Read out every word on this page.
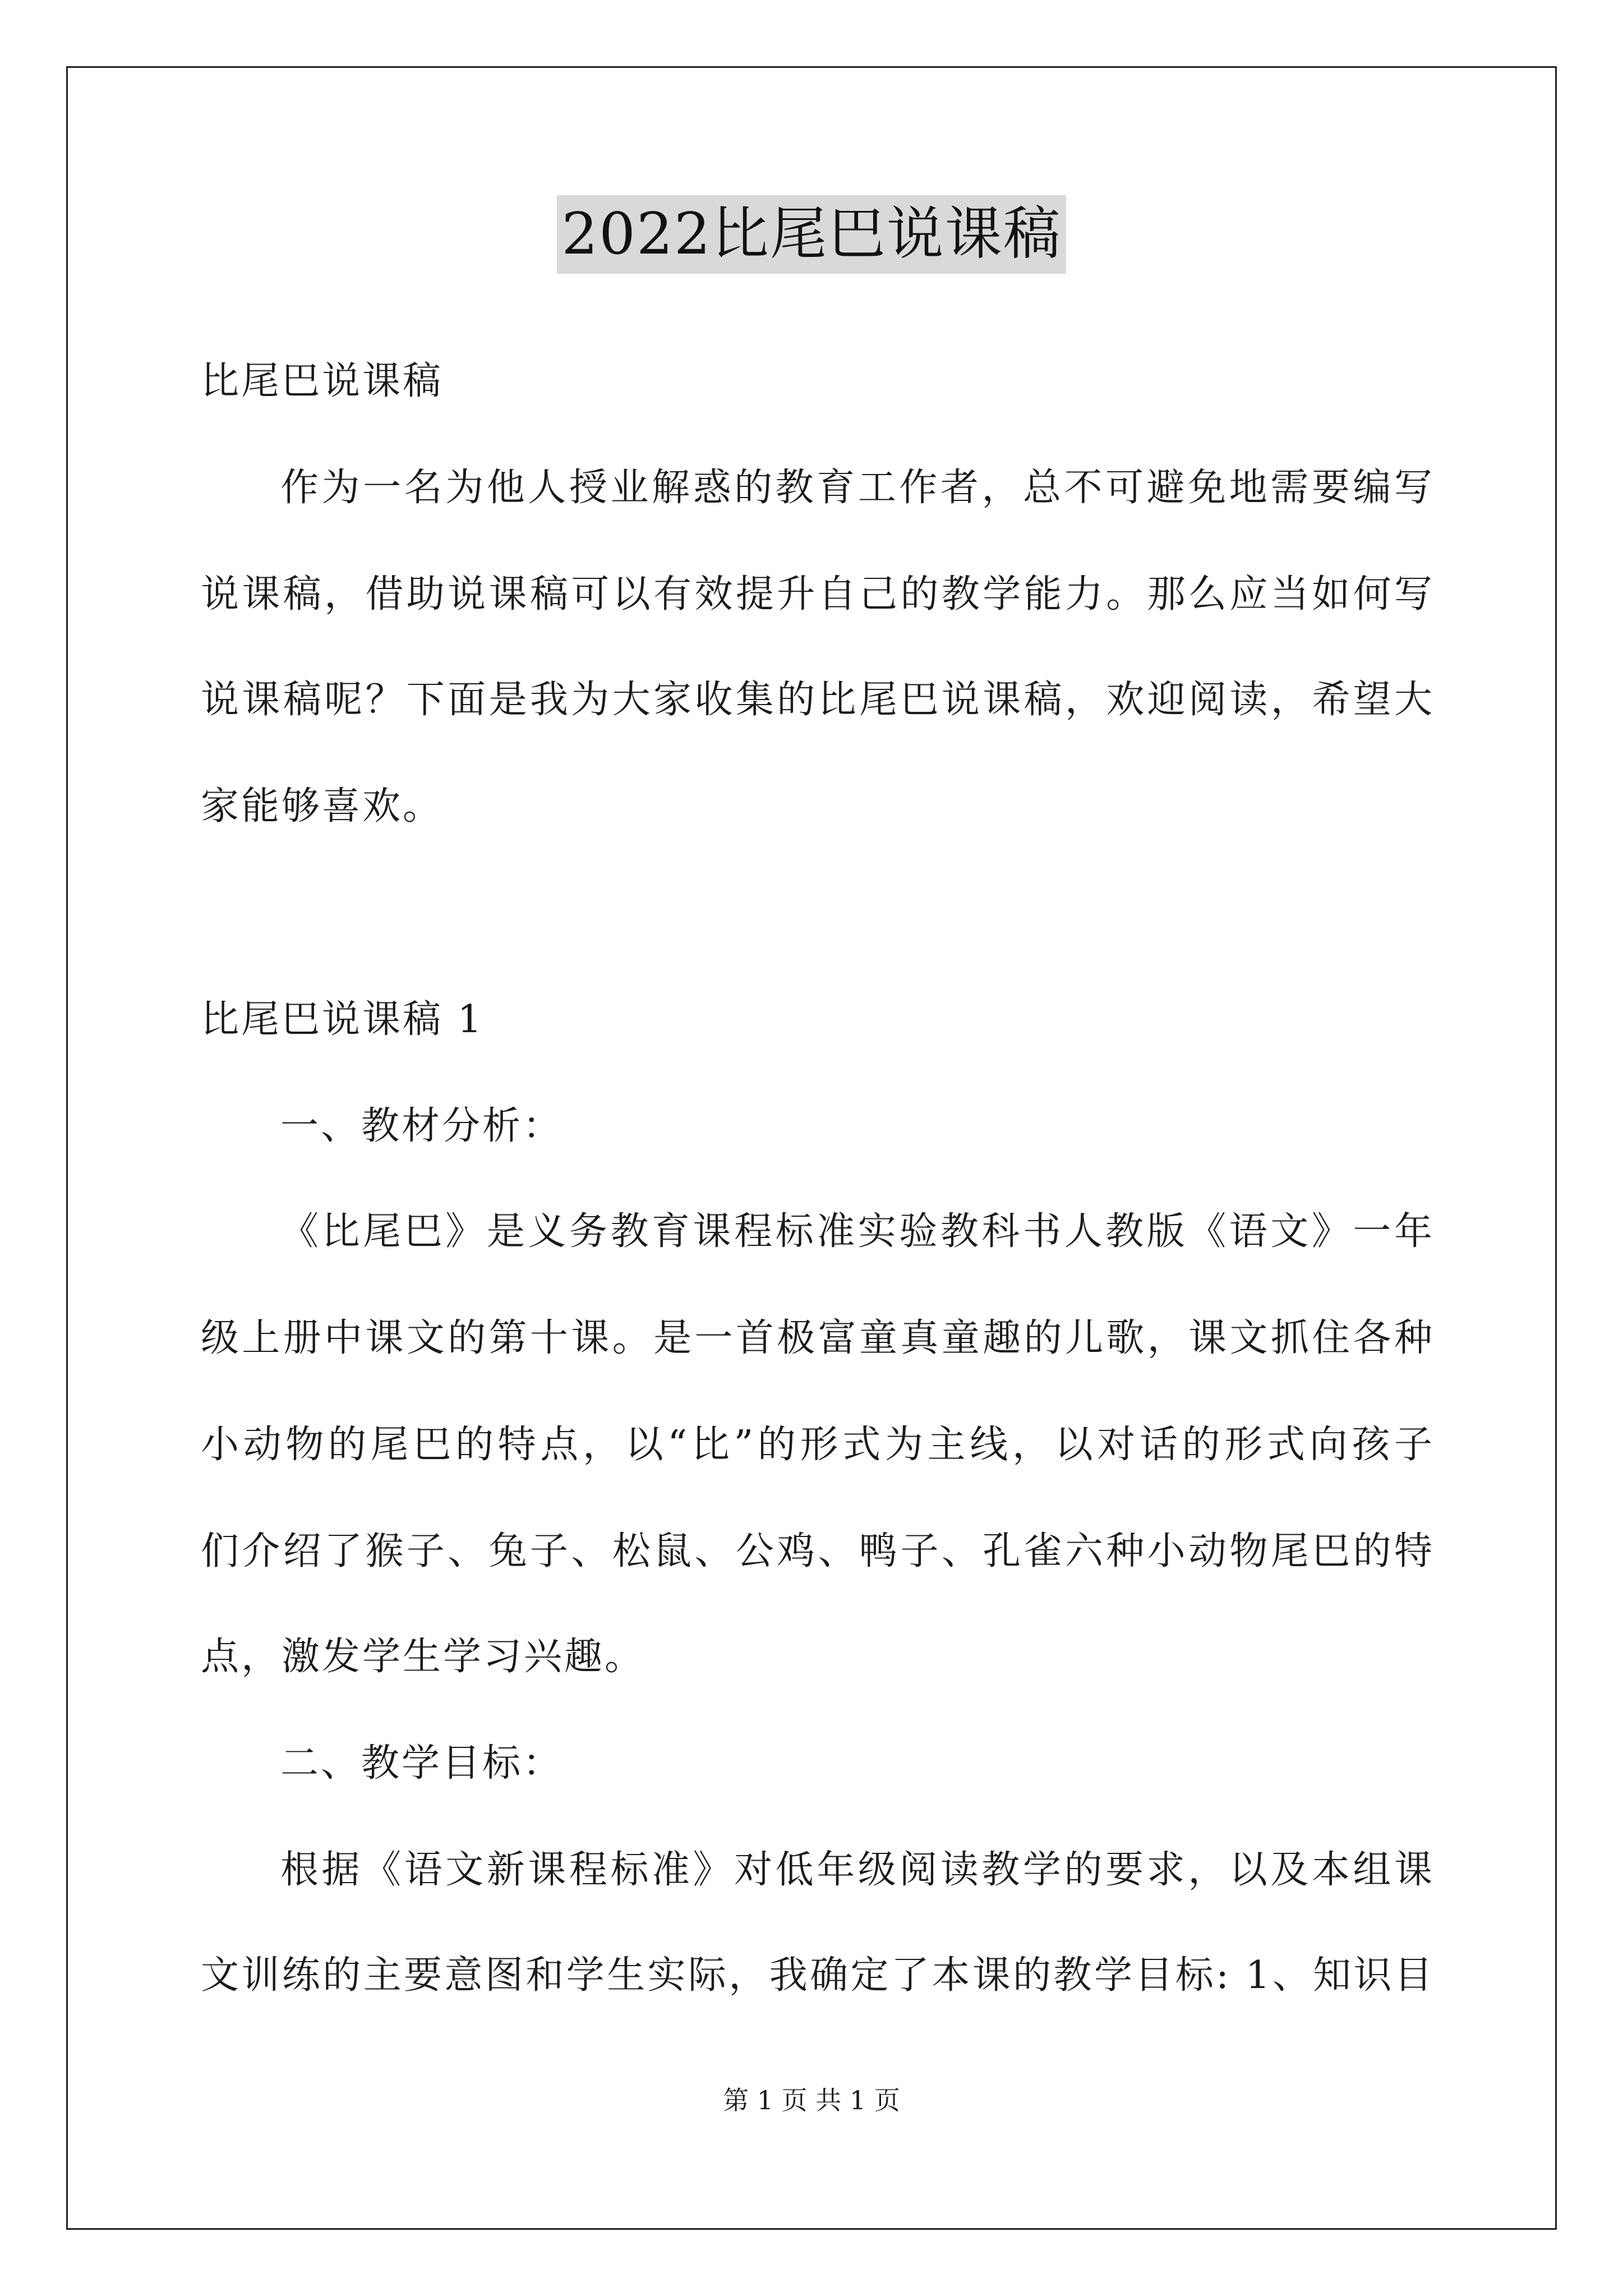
2022比尾巴说课稿
比尾巴说课稿
作为一名为他人授业解惑的教育工作者，总不可避免地需要编写
说课稿，借助说课稿可以有效提升自己的教学能力。那么应当如何写
说课稿呢？下面是我为大家收集的比尾巴说课稿，欢迎阅读，希望大
家能够喜欢。
比尾巴说课稿 1
一、教材分析：
《比尾巴》是义务教育课程标准实验教科书人教版《语文》一年
级上册中课文的第十课。是一首极富童真童趣的儿歌，课文抓住各种
小动物的尾巴的特点，以“比”的形式为主线，以对话的形式向孩子
们介绍了猴子、兔子、松鼠、公鸡、鸭子、孔雀六种小动物尾巴的特
点，激发学生学习兴趣。
二、教学目标：
根据《语文新课程标准》对低年级阅读教学的要求，以及本组课
文训练的主要意图和学生实际，我确定了本课的教学目标: 1、知识目
第 1 页 共 1 页
